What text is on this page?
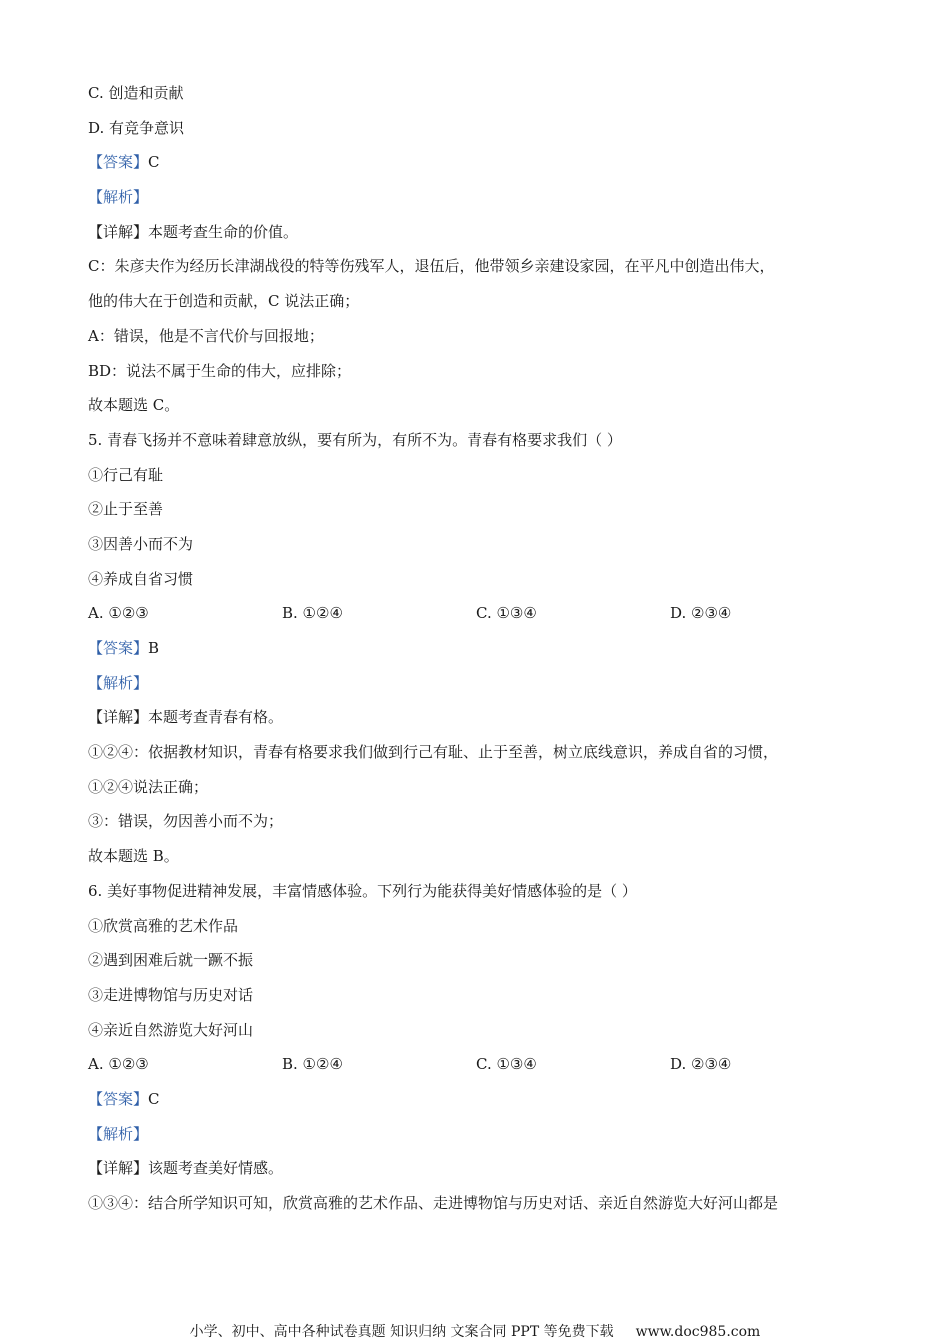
C. 创造和贡献
D. 有竞争意识
【答案】C
【解析】
【详解】本题考查生命的价值。
C：朱彦夫作为经历长津湖战役的特等伤残军人，退伍后，他带领乡亲建设家园，在平凡中创造出伟大，
他的伟大在于创造和贡献，C 说法正确；
A：错误，他是不言代价与回报地；
BD：说法不属于生命的伟大，应排除；
故本题选 C。
5. 青春飞扬并不意味着肆意放纵，要有所为，有所不为。青春有格要求我们（ ）
①行己有耻
②止于至善
③因善小而不为
④养成自省习惯
A. ①②③	B. ①②④	C. ①③④	D. ②③④
【答案】B
【解析】
【详解】本题考查青春有格。
①②④：依据教材知识，青春有格要求我们做到行己有耻、止于至善，树立底线意识，养成自省的习惯，
①②④说法正确；
③：错误，勿因善小而不为；
故本题选 B。
6. 美好事物促进精神发展，丰富情感体验。下列行为能获得美好情感体验的是（ ）
①欣赏高雅的艺术作品
②遇到困难后就一蹶不振
③走进博物馆与历史对话
④亲近自然游览大好河山
A. ①②③	B. ①②④	C. ①③④	D. ②③④
【答案】C
【解析】
【详解】该题考查美好情感。
①③④：结合所学知识可知，欣赏高雅的艺术作品、走进博物馆与历史对话、亲近自然游览大好河山都是
小学、初中、高中各种试卷真题 知识归纳 文案合同 PPT 等免费下载 www.doc985.com
